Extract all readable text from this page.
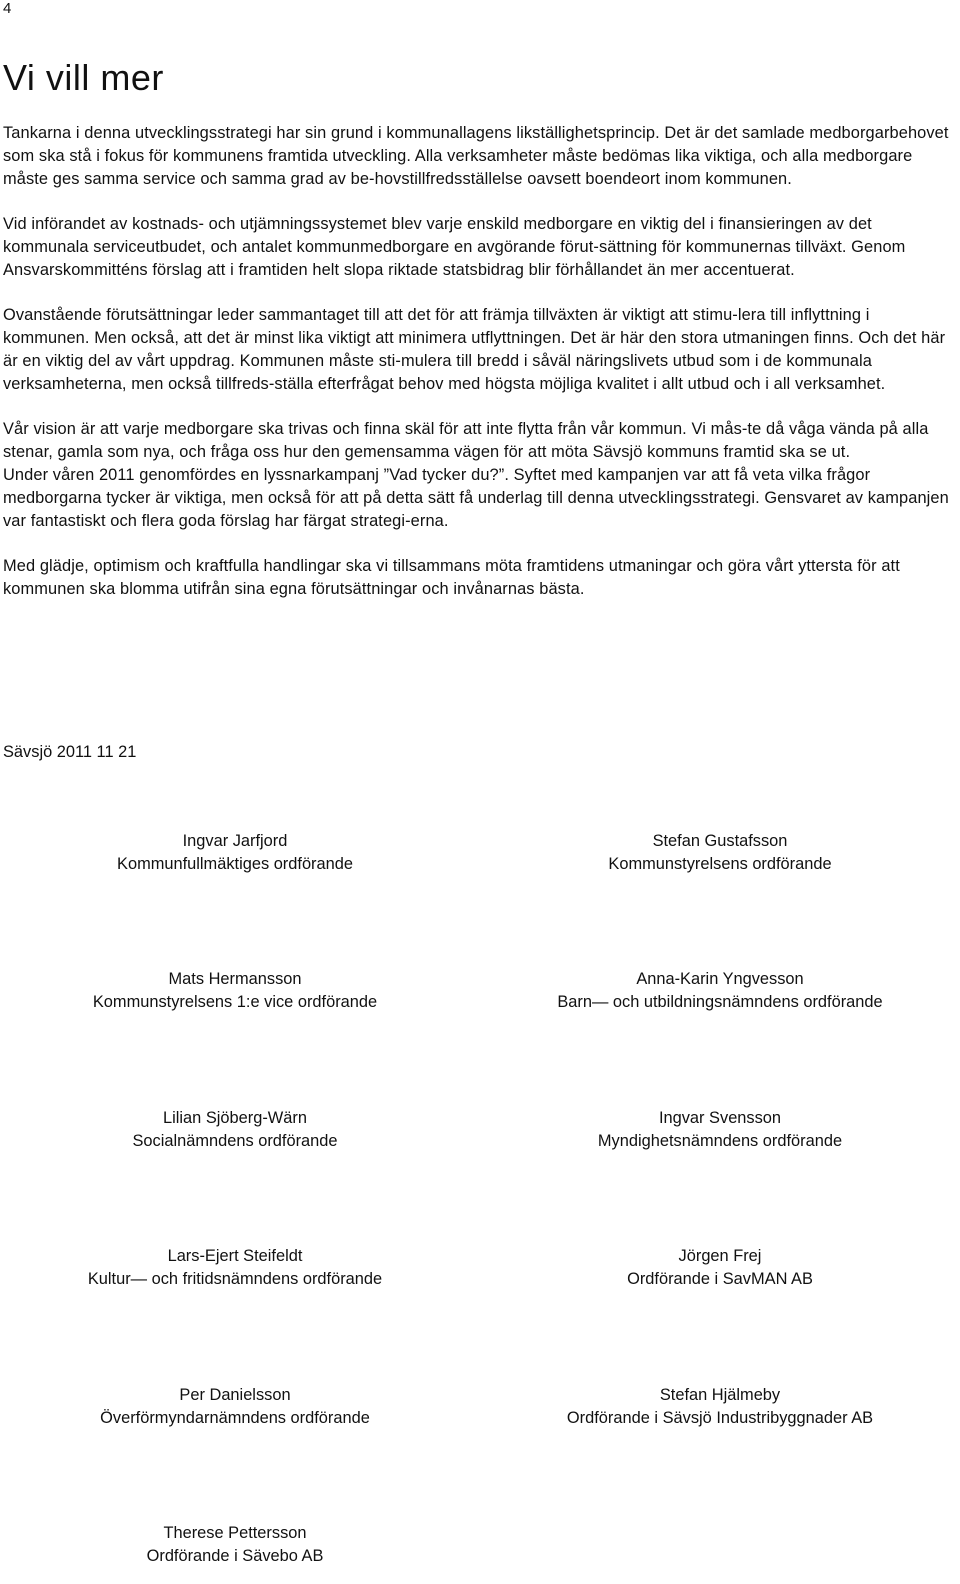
4
Vi vill mer

Tankarna i denna utvecklingsstrategi har sin grund i kommunallagens likställighetsprincip. Det är det samlade medborgarbehovet som ska stå i fokus för kommunens framtida utveckling. Alla verksamheter måste bedömas lika viktiga, och alla medborgare måste ges samma service och samma grad av be-hovstillfredsställelse oavsett boendeort inom kommunen.

Vid införandet av kostnads- och utjämningssystemet blev varje enskild medborgare en viktig del i finansieringen av det kommunala serviceutbudet, och antalet kommunmedborgare en avgörande förut-sättning för kommunernas tillväxt. Genom Ansvarskommitténs förslag att i framtiden helt slopa riktade statsbidrag blir förhållandet än mer accentuerat.

Ovanstående förutsättningar leder sammantaget till att det för att främja tillväxten är viktigt att stimu-lera till inflyttning i kommunen. Men också, att det är minst lika viktigt att minimera utflyttningen. Det är här den stora utmaningen finns. Och det här är en viktig del av vårt uppdrag. Kommunen måste sti-mulera till bredd i såväl näringslivets utbud som i de kommunala verksamheterna, men också tillfreds-ställa efterfrågat behov med högsta möjliga kvalitet i allt utbud och i all verksamhet.

Vår vision är att varje medborgare ska trivas och finna skäl för att inte flytta från vår kommun. Vi mås-te då våga vända på alla stenar, gamla som nya, och fråga oss hur den gemensamma vägen för att möta Sävsjö kommuns framtid ska se ut.

Under våren 2011 genomfördes en lyssnarkampanj ”Vad tycker du?”. Syftet med kampanjen var att få veta vilka frågor medborgarna tycker är viktiga, men också för att på detta sätt få underlag till denna utvecklingsstrategi. Gensvaret av kampanjen var fantastiskt och flera goda förslag har färgat strategi-erna.

Med glädje, optimism och kraftfulla handlingar ska vi tillsammans möta framtidens utmaningar och göra vårt yttersta för att kommunen ska blomma utifrån sina egna förutsättningar och invånarnas bästa.

Sävsjö 2011 11 21
Ingvar Jarfjord
Kommunfullmäktiges ordförande
Stefan Gustafsson
Kommunstyrelsens ordförande
Mats Hermansson
Kommunstyrelsens 1:e vice ordförande
Anna-Karin Yngvesson
Barn— och utbildningsnämndens ordförande
Lilian Sjöberg-Wärn
Socialnämndens ordförande
Ingvar Svensson
Myndighetsnämndens ordförande
Lars-Ejert Steifeldt
Kultur— och fritidsnämndens ordförande
Jörgen Frej
Ordförande i SavMAN AB
Per Danielsson
Överförmyndarnämndens ordförande
Stefan Hjälmeby
Ordförande i Sävsjö Industribyggnader AB
Therese Pettersson
Ordförande i Sävebo AB
